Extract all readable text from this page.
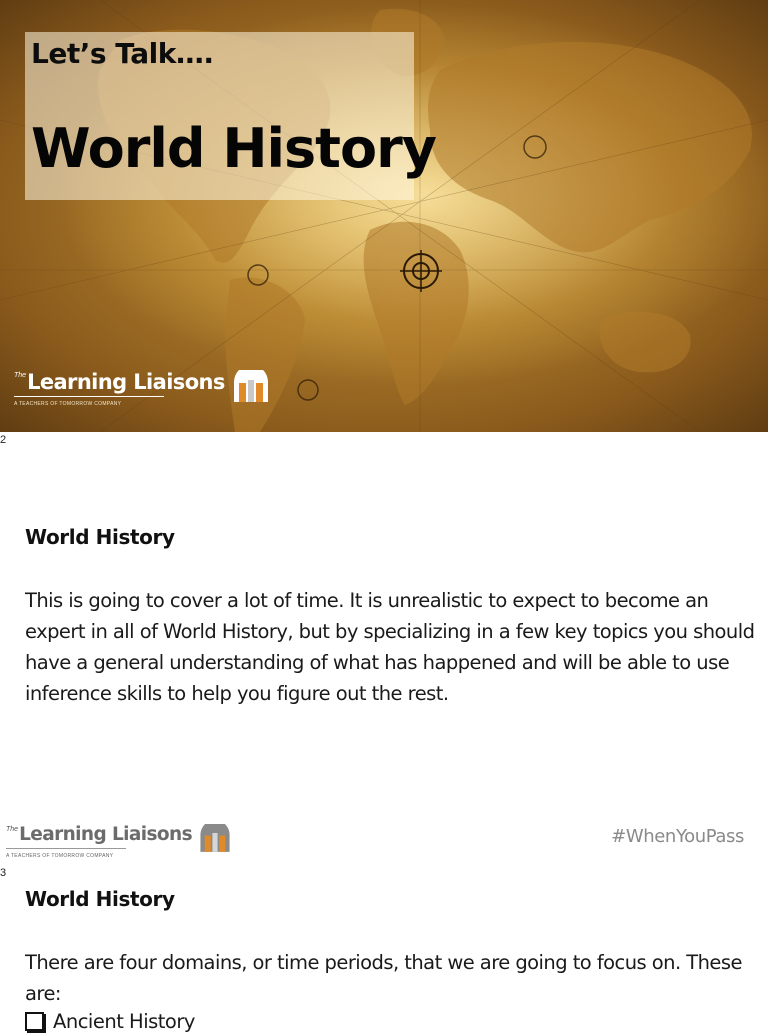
Let’s Talk….
World History
The Learning Liaisons
A TEACHERS OF TOMORROW COMPANY
2
World History
This is going to cover a lot of time. It is unrealistic to expect to become an expert in all of World History, but by specializing in a few key topics you should have a general understanding of what has happened and will be able to use inference skills to help you figure out the rest.
The Learning Liaisons
A TEACHERS OF TOMORROW COMPANY
#WhenYouPass
3
World History
There are four domains, or time periods, that we are going to focus on. These are:
Ancient History
